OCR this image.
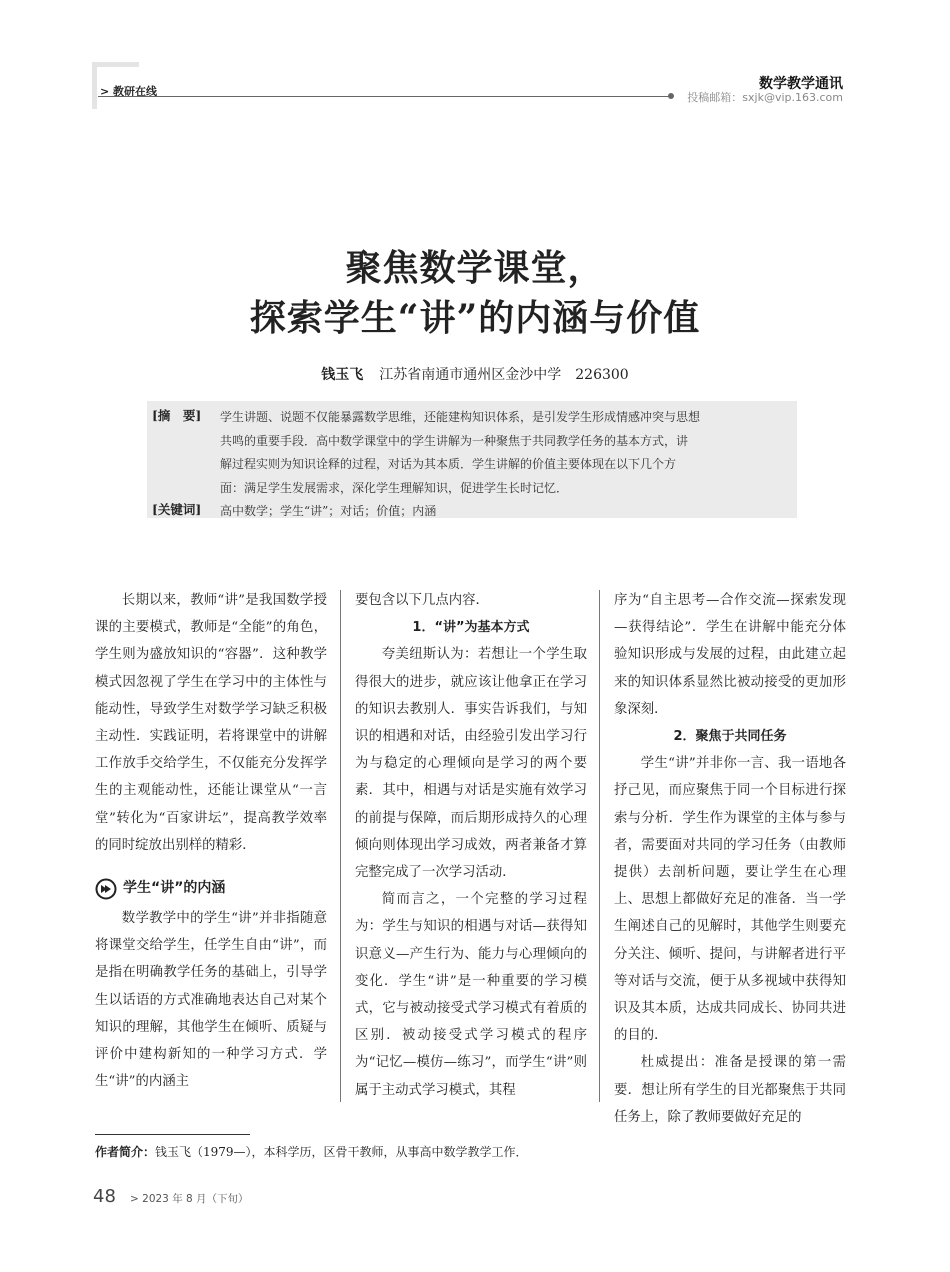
> 教研在线	数学教学通讯
投稿邮箱：sxjk@vip.163.com
聚焦数学课堂，
探索学生“讲”的内涵与价值
钱玉飞 江苏省南通市通州区金沙中学 226300
[摘　要] 学生讲题、说题不仅能暴露数学思维，还能建构知识体系，是引发学生形成情感冲突与思想
共鸣的重要手段．高中数学课堂中的学生讲解为一种聚焦于共同教学任务的基本方式，讲
解过程实则为知识诠释的过程，对话为其本质．学生讲解的价值主要体现在以下几个方
面：满足学生发展需求，深化学生理解知识，促进学生长时记忆．
高中数学；学生“讲”；对话；价值；内涵
[关键词]

长期以来，教师“讲”是我国数学授课的主要模式，教师是“全能”的角色，学生则为盛放知识的“容器”．这种教学模式因忽视了学生在学习中的主体性与能动性，导致学生对数学学习缺乏积极主动性．实践证明，若将课堂中的讲解工作放手交给学生，不仅能充分发挥学生的主观能动性，还能让课堂从“一言堂”转化为“百家讲坛”，提高教学效率的同时绽放出别样的精彩．

学生“讲”的内涵

数学教学中的学生“讲”并非指随意将课堂交给学生，任学生自由“讲”，而是指在明确教学任务的基础上，引导学生以话语的方式准确地表达自己对某个知识的理解，其他学生在倾听、质疑与评价中建构新知的一种学习方式．学生“讲”的内涵主

要包含以下几点内容．

1．“讲”为基本方式

夸美纽斯认为：若想让一个学生取得很大的进步，就应该让他拿正在学习的知识去教别人．事实告诉我们，与知识的相遇和对话，由经验引发出学习行为与稳定的心理倾向是学习的两个要素．其中，相遇与对话是实施有效学习的前提与保障，而后期形成持久的心理倾向则体现出学习成效，两者兼备才算完整完成了一次学习活动．

简而言之，一个完整的学习过程为：学生与知识的相遇与对话—获得知识意义—产生行为、能力与心理倾向的变化．学生“讲”是一种重要的学习模式，它与被动接受式学习模式有着质的区别．被动接受式学习模式的程序为“记忆—模仿—练习”，而学生“讲”则属于主动式学习模式，其程

序为“自主思考—合作交流—探索发现—获得结论”．学生在讲解中能充分体验知识形成与发展的过程，由此建立起来的知识体系显然比被动接受的更加形象深刻．

2．聚焦于共同任务

学生“讲”并非你一言、我一语地各抒己见，而应聚焦于同一个目标进行探索与分析．学生作为课堂的主体与参与者，需要面对共同的学习任务（由教师提供）去剖析问题，要让学生在心理上、思想上都做好充足的准备．当一学生阐述自己的见解时，其他学生则要充分关注、倾听、提问，与讲解者进行平等对话与交流，便于从多视域中获得知识及其本质，达成共同成长、协同共进的目的．

杜威提出：准备是授课的第一需要．想让所有学生的目光都聚焦于共同任务上，除了教师要做好充足的

作者简介：钱玉飞（1979—），本科学历，区骨干教师，从事高中数学教学工作．
48 > 2023 年 8 月（下旬）
